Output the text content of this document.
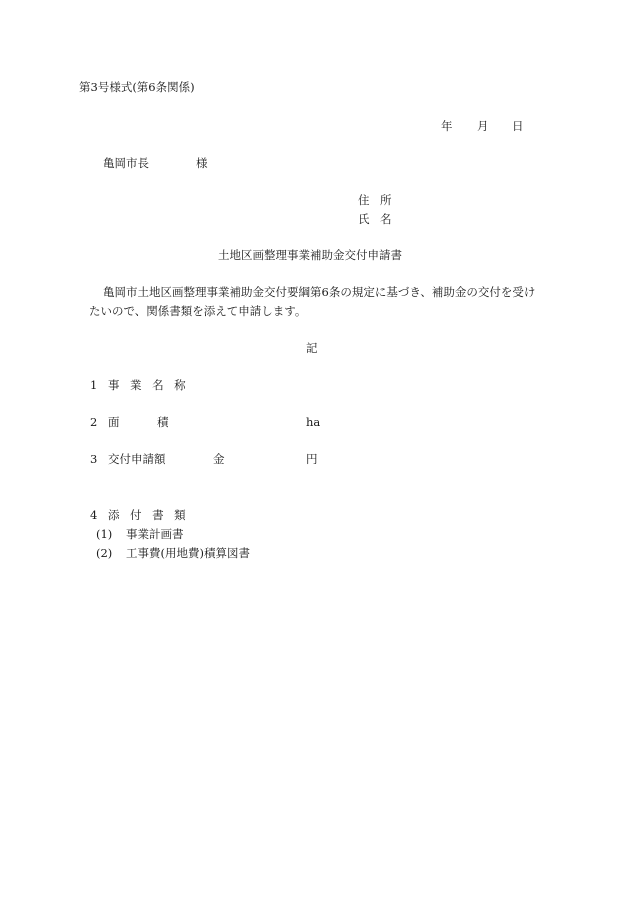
第3号様式(第6条関係)
年 月 日
亀岡市長	様
住 所
氏 名
土地区画整理事業補助金交付申請書
亀岡市土地区画整理事業補助金交付要綱第6条の規定に基づき、補助金の交付を受け
たいので、関係書類を添えて申請します。
記
1 事 業 名 称
2 面	積	ha
3 交付申請額	金	円
4 添 付 書 類
(1) 事業計画書
(2) 工事費(用地費)積算図書
